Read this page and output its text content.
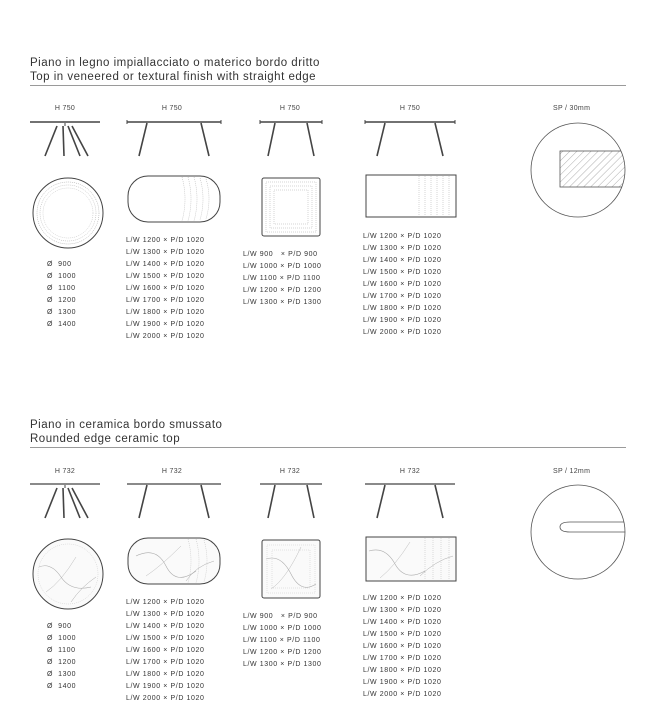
Piano in legno impiallacciato o materico bordo dritto
Top in veneered or textural finish with straight edge
H 750	H 750	H 750	H 750	SP / 30mm
Ø  900
Ø  1000
Ø  1100
Ø  1200
Ø  1300
Ø  1400
L/W 1200 × P/D 1020
L/W 1300 × P/D 1020
L/W 1400 × P/D 1020
L/W 1500 × P/D 1020
L/W 1600 × P/D 1020
L/W 1700 × P/D 1020
L/W 1800 × P/D 1020
L/W 1900 × P/D 1020
L/W 2000 × P/D 1020
L/W 900   × P/D 900
L/W 1000 × P/D 1000
L/W 1100 × P/D 1100
L/W 1200 × P/D 1200
L/W 1300 × P/D 1300
L/W 1200 × P/D 1020
L/W 1300 × P/D 1020
L/W 1400 × P/D 1020
L/W 1500 × P/D 1020
L/W 1600 × P/D 1020
L/W 1700 × P/D 1020
L/W 1800 × P/D 1020
L/W 1900 × P/D 1020
L/W 2000 × P/D 1020
Piano in ceramica bordo smussato
Rounded edge ceramic top
H 732	H 732	H 732	H 732	SP / 12mm
Ø  900
Ø  1000
Ø  1100
Ø  1200
Ø  1300
Ø  1400
L/W 1200 × P/D 1020
L/W 1300 × P/D 1020
L/W 1400 × P/D 1020
L/W 1500 × P/D 1020
L/W 1600 × P/D 1020
L/W 1700 × P/D 1020
L/W 1800 × P/D 1020
L/W 1900 × P/D 1020
L/W 2000 × P/D 1020
L/W 900   × P/D 900
L/W 1000 × P/D 1000
L/W 1100 × P/D 1100
L/W 1200 × P/D 1200
L/W 1300 × P/D 1300
L/W 1200 × P/D 1020
L/W 1300 × P/D 1020
L/W 1400 × P/D 1020
L/W 1500 × P/D 1020
L/W 1600 × P/D 1020
L/W 1700 × P/D 1020
L/W 1800 × P/D 1020
L/W 1900 × P/D 1020
L/W 2000 × P/D 1020
